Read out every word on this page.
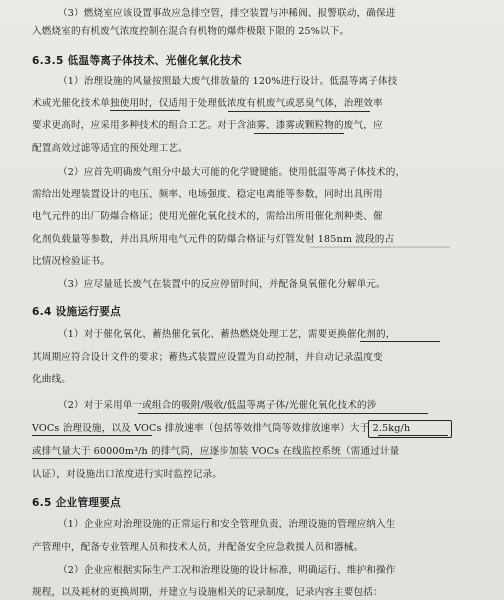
（3）燃烧室应该设置事故应急排空管，排空装置与冲稀阀、报警联动，确保进
入燃烧室的有机废气浓度控制在混合有机物的爆炸极限下限的 25%以下。
6.3.5 低温等离子体技术、光催化氧化技术
（1）治理设施的风量按照最大废气排放量的 120%进行设计。低温等离子体技
术或光催化技术单独使用时，仅适用于处理低浓度有机废气或恶臭气体，治理效率
要求更高时，应采用多种技术的组合工艺。对于含油雾、漆雾或颗粒物的废气，应
配置高效过滤等适宜的预处理工艺。
（2）应首先明确废气组分中最大可能的化学键键能。使用低温等离子体技术的，
需给出处理装置设计的电压、频率、电场强度、稳定电离能等参数，同时出具所用
电气元件的出厂防爆合格证；使用光催化氧化技术的，需给出所用催化剂种类、催
化剂负载量等参数，并出具所用电气元件的防爆合格证与灯管发射 185nm 波段的占
比情况检验证书。
（3）应尽量延长废气在装置中的反应停留时间，并配备臭氧催化分解单元。
6.4 设施运行要点
（1）对于催化氧化、蓄热催化氧化、蓄热燃烧处理工艺，需要更换催化剂的，
其周期应符合设计文件的要求；蓄热式装置应设置为自动控制，并自动记录温度变
化曲线。
（2）对于采用单一或组合的吸附/吸收/低温等离子体/光催化氧化技术的涉
VOCs 治理设施，以及 VOCs 排放速率（包括等效排气筒等效排放速率）大于 2.5kg/h
或排气量大于 60000m³/h 的排气筒，应逐步加装 VOCs 在线监控系统（需通过计量
认证），对设施出口浓度进行实时监控记录。
6.5 企业管理要点
（1）企业应对治理设施的正常运行和安全管理负责，治理设施的管理应纳入生
产管理中，配备专业管理人员和技术人员，并配备安全应急救援人员和器械。
（2）企业应根据实际生产工况和治理设施的设计标准，明确运行、维护和操作
规程，以及耗材的更换周期，并建立与设施相关的记录制度，记录内容主要包括：
